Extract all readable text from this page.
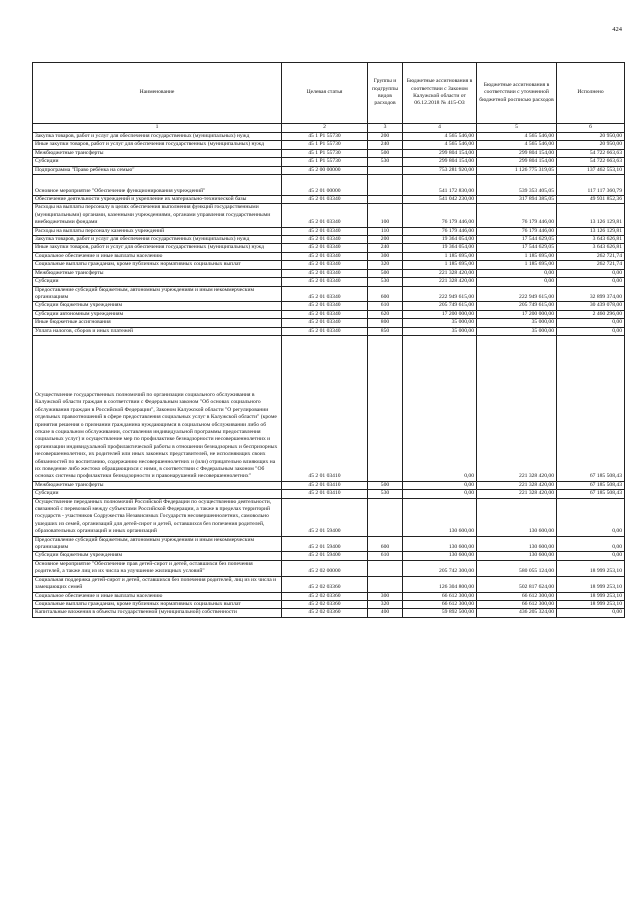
424
Наименование	Целевая статья	Группы и подгруппы видов расходов	Бюджетные ассигнования в соответствии с Законом Калужской области от 06.12.2018 № 415-ОЗ	Бюджетные ассигнования в соответствии с уточненной бюджетной росписью расходов	Исполнено
1	2	3	4	5	6
Закупка товаров, работ и услуг для обеспечения государственных (муниципальных) нужд	45 1 P1 55730	200	4 565 546,00	4 565 546,00	20 950,00
Иные закупки товаров, работ и услуг для обеспечения государственных (муниципальных) нужд	45 1 P1 55730	240	4 565 546,00	4 565 546,00	20 950,00
Межбюджетные трансферты	45 1 P1 55730	500	299 804 154,00	299 804 154,00	54 722 663,63
Субсидии	45 1 P1 55730	530	299 804 154,00	299 804 154,00	54 722 663,63
Подпрограмма "Право ребёнка на семью"	45 2 00 00000		753 281 920,00	1 126 775 319,05	137 462 553,10
Основное мероприятие "Обеспечение функционирования учреждений"	45 2 01 00000		541 172 830,00	539 353 405,05	117 117 360,79
Обеспечение деятельности учреждений и укрепление их материально-технической базы	45 2 01 03340		541 042 230,00	317 894 385,05	49 931 852,36
Расходы на выплаты персоналу в целях обеспечения выполнения функций государственными (муниципальными) органами, казенными учреждениями, органами управления государственными внебюджетными фондами	45 2 01 03340	100	76 179 446,00	76 179 446,00	13 126 129,81
Расходы на выплаты персоналу казенных учреждений	45 2 01 03340	110	76 179 446,00	76 179 446,00	13 126 129,81
Закупка товаров, работ и услуг для обеспечения государственных (муниципальных) нужд	45 2 01 03340	200	19 364 054,00	17 544 629,05	3 643 626,81
Иные закупки товаров, работ и услуг для обеспечения государственных (муниципальных) нужд	45 2 01 03340	240	19 364 054,00	17 544 629,05	3 643 626,81
Социальное обеспечение и иные выплаты населению	45 2 01 03340	300	1 185 695,00	1 185 695,00	262 721,74
Социальные выплаты гражданам, кроме публичных нормативных социальных выплат	45 2 01 03340	320	1 185 695,00	1 185 695,00	262 721,74
Межбюджетные трансферты	45 2 01 03340	500	221 328 420,00	0,00	0,00
Субсидии	45 2 01 03340	530	221 328 420,00	0,00	0,00
Предоставление субсидий бюджетным, автономным учреждениям и иным некоммерческим организациям	45 2 01 03340	600	222 949 615,00	222 949 615,00	32 899 374,00
Субсидии бюджетным учреждениям	45 2 01 03340	610	205 749 615,00	205 749 615,00	30 439 078,00
Субсидии автономным учреждениям	45 2 01 03340	620	17 200 000,00	17 200 000,00	2 460 296,00
Иные бюджетные ассигнования	45 2 01 03340	800	35 000,00	35 000,00	0,00
Уплата налогов, сборов и иных платежей	45 2 01 03340	850	35 000,00	35 000,00	0,00
Осуществление государственных полномочий по организации социального обслуживания в Калужской области граждан в соответствии с Федеральным законом "Об основах социального обслуживания граждан в Российской Федерации", Законом Калужской области "О регулировании отдельных правоотношений в сфере предоставления социальных услуг в Калужской области" (кроме принятия решения о признании гражданина нуждающимся в социальном обслуживании либо об отказе в социальном обслуживании, составления индивидуальной программы предоставления социальных услуг) и осуществление мер по профилактике безнадзорности несовершеннолетних и организации индивидуальной профилактической работы в отношении безнадзорных и беспризорных несовершеннолетних, их родителей или иных законных представителей, не исполняющих своих обязанностей по воспитанию, содержанию несовершеннолетних и (или) отрицательно влияющих на их поведение либо жестоко обращающихся с ними, в соответствии с Федеральным законом "Об основах системы профилактики безнадзорности и правонарушений несовершеннолетних"	45 2 01 03410		0,00	221 328 420,00	67 185 508,43
Межбюджетные трансферты	45 2 01 03410	500	0,00	221 328 420,00	67 185 508,43
Субсидии	45 2 01 03410	530	0,00	221 328 420,00	67 185 508,43
Осуществление переданных полномочий Российской Федерации по осуществлению деятельности, связанной с перевозкой между субъектами Российской Федерации, а также в пределах территорий государств - участников Содружества Независимых Государств несовершеннолетних, самовольно ушедших из семей, организаций для детей-сирот и детей, оставшихся без попечения родителей, образовательных организаций и иных организаций	45 2 01 59400		130 600,00	130 600,00	0,00
Предоставление субсидий бюджетным, автономным учреждениям и иным некоммерческим организациям	45 2 01 59400	600	130 600,00	130 600,00	0,00
Субсидии бюджетным учреждениям	45 2 01 59400	610	130 600,00	130 600,00	0,00
Основное мероприятие "Обеспечение прав детей-сирот и детей, оставшихся без попечения родителей, а также лиц из их числа на улучшение жилищных условий"	45 2 02 00000		205 742 300,00	580 055 124,00	18 999 253,10
Социальная поддержка детей-сирот и детей, оставшихся без попечения родителей, лиц из их числа и замещающих семей	45 2 02 03360		126 304 800,00	502 817 624,00	18 999 253,10
Социальное обеспечение и иные выплаты населению	45 2 02 03360	300	66 612 300,00	66 612 300,00	18 999 253,10
Социальные выплаты гражданам, кроме публичных нормативных социальных выплат	45 2 02 03360	320	66 612 300,00	66 612 300,00	18 999 253,10
Капитальные вложения в объекты государственной (муниципальной) собственности	45 2 02 03360	400	59 892 500,00	436 205 324,00	0,00
